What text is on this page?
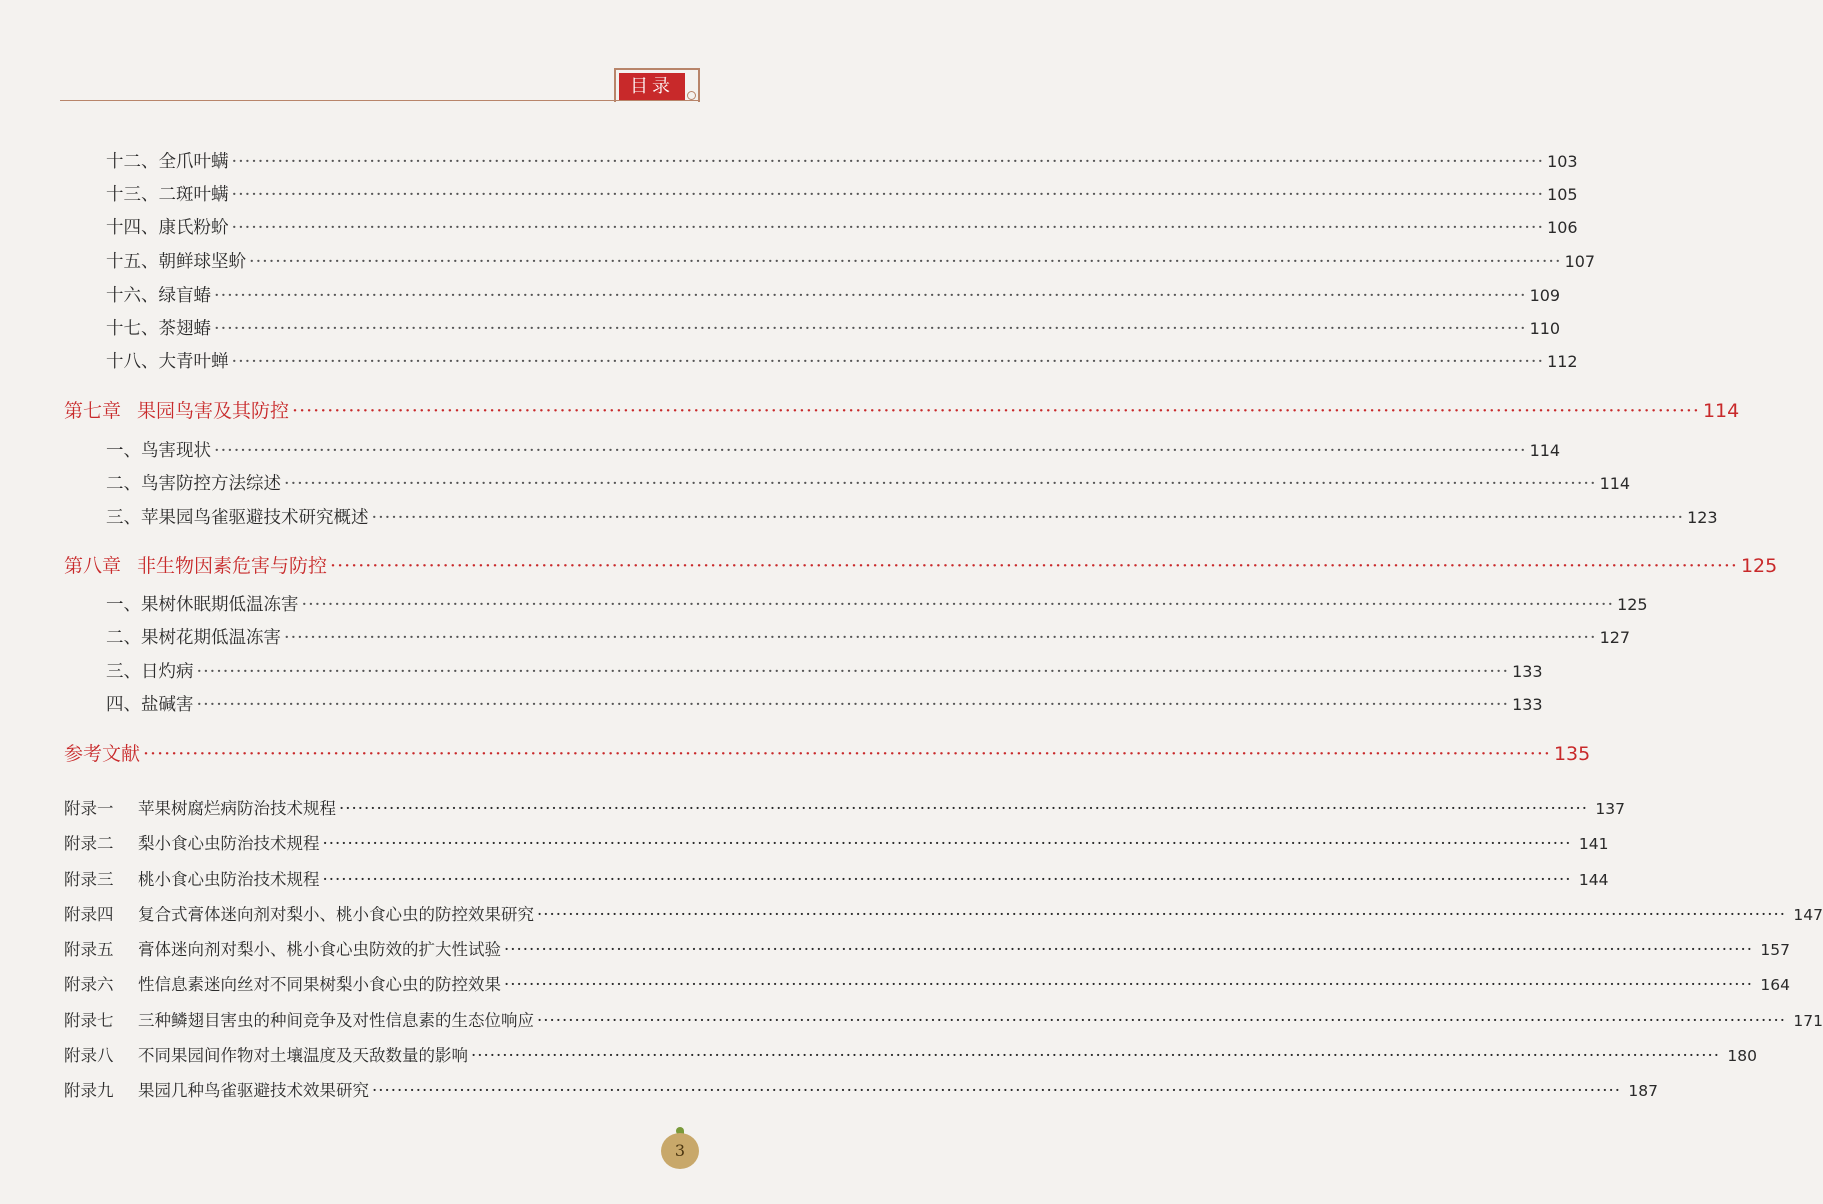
目录
十二、全爪叶螨 ········································································································································································································ 103
十三、二斑叶螨 ········································································································································································································ 105
十四、康氏粉蚧 ········································································································································································································ 106
十五、朝鲜球坚蚧 ········································································································································································································ 107
十六、绿盲蝽 ········································································································································································································ 109
十七、茶翅蝽 ········································································································································································································ 110
十八、大青叶蝉 ········································································································································································································ 112
第七章 果园鸟害及其防控 ········································································································································································································ 114
一、鸟害现状 ········································································································································································································ 114
二、鸟害防控方法综述 ········································································································································································································ 114
三、苹果园鸟雀驱避技术研究概述 ········································································································································································································ 123
第八章 非生物因素危害与防控 ········································································································································································································ 125
一、果树休眠期低温冻害 ········································································································································································································ 125
二、果树花期低温冻害 ········································································································································································································ 127
三、日灼病 ········································································································································································································ 133
四、盐碱害 ········································································································································································································ 133
参考文献 ········································································································································································································ 135
附录一 苹果树腐烂病防治技术规程 ········································································································································································································ 137
附录二 梨小食心虫防治技术规程 ········································································································································································································ 141
附录三 桃小食心虫防治技术规程 ········································································································································································································ 144
附录四 复合式膏体迷向剂对梨小、桃小食心虫的防控效果研究 ········································································································································································································ 147
附录五 膏体迷向剂对梨小、桃小食心虫防效的扩大性试验 ········································································································································································································ 157
附录六 性信息素迷向丝对不同果树梨小食心虫的防控效果 ········································································································································································································ 164
附录七 三种鳞翅目害虫的种间竞争及对性信息素的生态位响应 ········································································································································································································ 171
附录八 不同果园间作物对土壤温度及天敌数量的影响 ········································································································································································································ 180
附录九 果园几种鸟雀驱避技术效果研究 ········································································································································································································ 187
3
